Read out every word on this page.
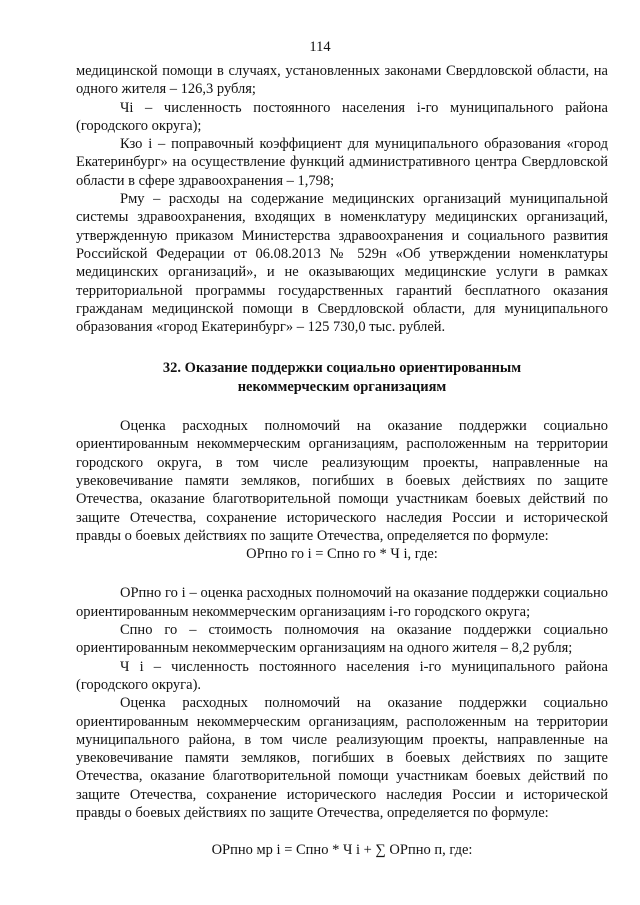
114

медицинской помощи в случаях, установленных законами Свердловской области, на одного жителя – 126,3 рубля;

Чi – численность постоянного населения i-го муниципального района (городского округа);

Кзо i – поправочный коэффициент для муниципального образования «город Екатеринбург» на осуществление функций административного центра Свердловской области в сфере здравоохранения – 1,798;

Рму – расходы на содержание медицинских организаций муниципальной системы здравоохранения, входящих в номенклатуру медицинских организаций, утвержденную приказом Министерства здравоохранения и социального развития Российской Федерации от 06.08.2013 № 529н «Об утверждении номенклатуры медицинских организаций», и не оказывающих медицинские услуги в рамках территориальной программы государственных гарантий бесплатного оказания гражданам медицинской помощи в Свердловской области, для муниципального образования «город Екатеринбург» – 125 730,0 тыс. рублей.

32. Оказание поддержки социально ориентированным
некоммерческим организациям

Оценка расходных полномочий на оказание поддержки социально ориентированным некоммерческим организациям, расположенным на территории городского округа, в том числе реализующим проекты, направленные на увековечивание памяти земляков, погибших в боевых действиях по защите Отечества, оказание благотворительной помощи участникам боевых действий по защите Отечества, сохранение исторического наследия России и исторической правды о боевых действиях по защите Отечества, определяется по формуле:

ОРпно го i = Спно го * Ч i, где:

ОРпно го i – оценка расходных полномочий на оказание поддержки социально ориентированным некоммерческим организациям i-го городского округа;

Спно го – стоимость полномочия на оказание поддержки социально ориентированным некоммерческим организациям на одного жителя – 8,2 рубля;

Ч i – численность постоянного населения i-го муниципального района (городского округа).

Оценка расходных полномочий на оказание поддержки социально ориентированным некоммерческим организациям, расположенным на территории муниципального района, в том числе реализующим проекты, направленные на увековечивание памяти земляков, погибших в боевых действиях по защите Отечества, оказание благотворительной помощи участникам боевых действий по защите Отечества, сохранение исторического наследия России и исторической правды о боевых действиях по защите Отечества, определяется по формуле:

ОРпно мр i = Спно * Ч i + ∑ ОРпно п, где:
